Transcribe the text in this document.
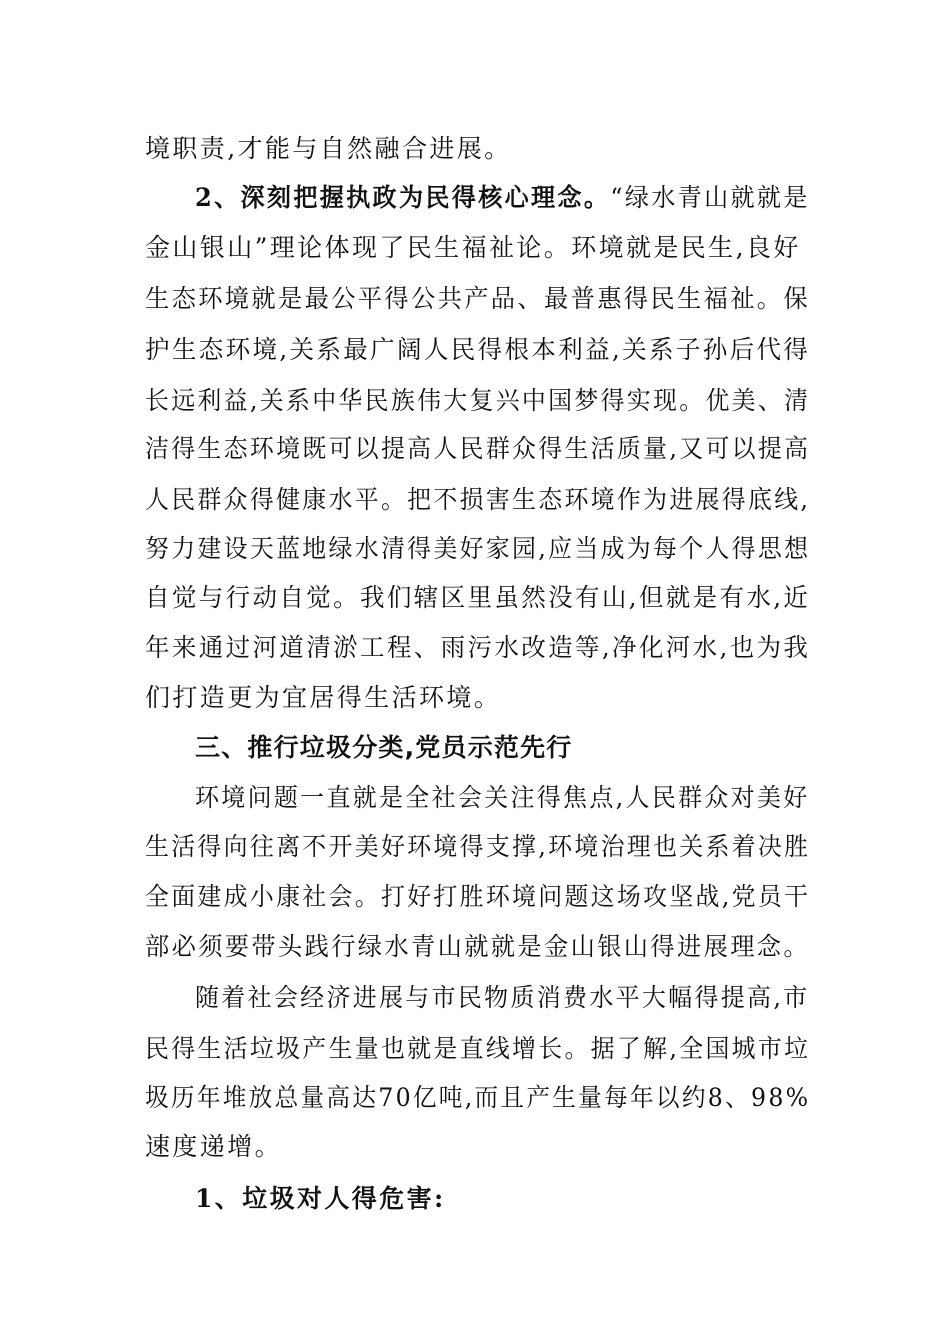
境职责,才能与自然融合进展。
2、深刻把握执政为民得核心理念。“绿水青山就就是
金山银山”理论体现了民生福祉论。环境就是民生,良好
生态环境就是最公平得公共产品、最普惠得民生福祉。保
护生态环境,关系最广阔人民得根本利益,关系子孙后代得
长远利益,关系中华民族伟大复兴中国梦得实现。优美、清
洁得生态环境既可以提高人民群众得生活质量,又可以提高
人民群众得健康水平。把不损害生态环境作为进展得底线,
努力建设天蓝地绿水清得美好家园,应当成为每个人得思想
自觉与行动自觉。我们辖区里虽然没有山,但就是有水,近
年来通过河道清淤工程、雨污水改造等,净化河水,也为我
们打造更为宜居得生活环境。
三、推行垃圾分类,党员示范先行
环境问题一直就是全社会关注得焦点,人民群众对美好
生活得向往离不开美好环境得支撑,环境治理也关系着决胜
全面建成小康社会。打好打胜环境问题这场攻坚战,党员干
部必须要带头践行绿水青山就就是金山银山得进展理念。
随着社会经济进展与市民物质消费水平大幅得提高,市
民得生活垃圾产生量也就是直线增长。据了解,全国城市垃
圾历年堆放总量高达70亿吨,而且产生量每年以约8、98%
速度递增。
1、垃圾对人得危害:
